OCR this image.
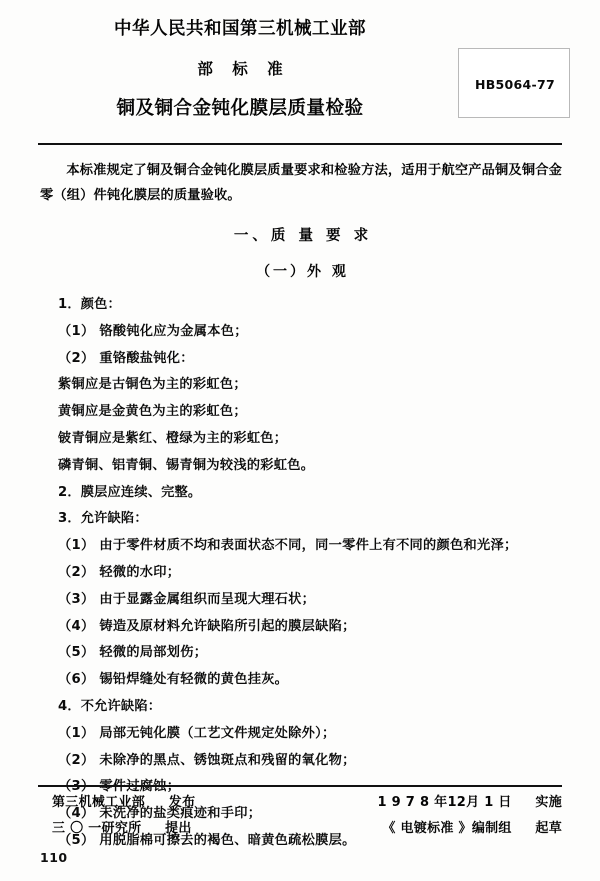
中华人民共和国第三机械工业部
部 标 准
铜及铜合金钝化膜层质量检验
HB5064-77

本标准规定了铜及铜合金钝化膜层质量要求和检验方法，适用于航空产品铜及铜合金零（组）件钝化膜层的质量验收。

一、质 量 要 求
（一）外 观
1．颜色：
（1） 铬酸钝化应为金属本色；
（2） 重铬酸盐钝化：
紫铜应是古铜色为主的彩虹色；
黄铜应是金黄色为主的彩虹色；
铍青铜应是紫红、橙绿为主的彩虹色；
磷青铜、铝青铜、锡青铜为较浅的彩虹色。
2．膜层应连续、完整。
3．允许缺陷：
（1） 由于零件材质不均和表面状态不同，同一零件上有不同的颜色和光泽；
（2） 轻微的水印；
（3） 由于显露金属组织而呈现大理石状；
（4） 铸造及原材料允许缺陷所引起的膜层缺陷；
（5） 轻微的局部划伤；
（6） 锡铅焊缝处有轻微的黄色挂灰。
4．不允许缺陷：
（1） 局部无钝化膜（工艺文件规定处除外）；
（2） 未除净的黑点、锈蚀斑点和残留的氧化物；
（4） 未洗净的盐类痕迹和手印；
（5） 用脱脂棉可擦去的褐色、暗黄色疏松膜层。
第三机械工业部 发布
三 〇 一研究所 提出
1 9 7 8 年12月 1 日 实施
《 电镀标准 》编制组 起草
110
